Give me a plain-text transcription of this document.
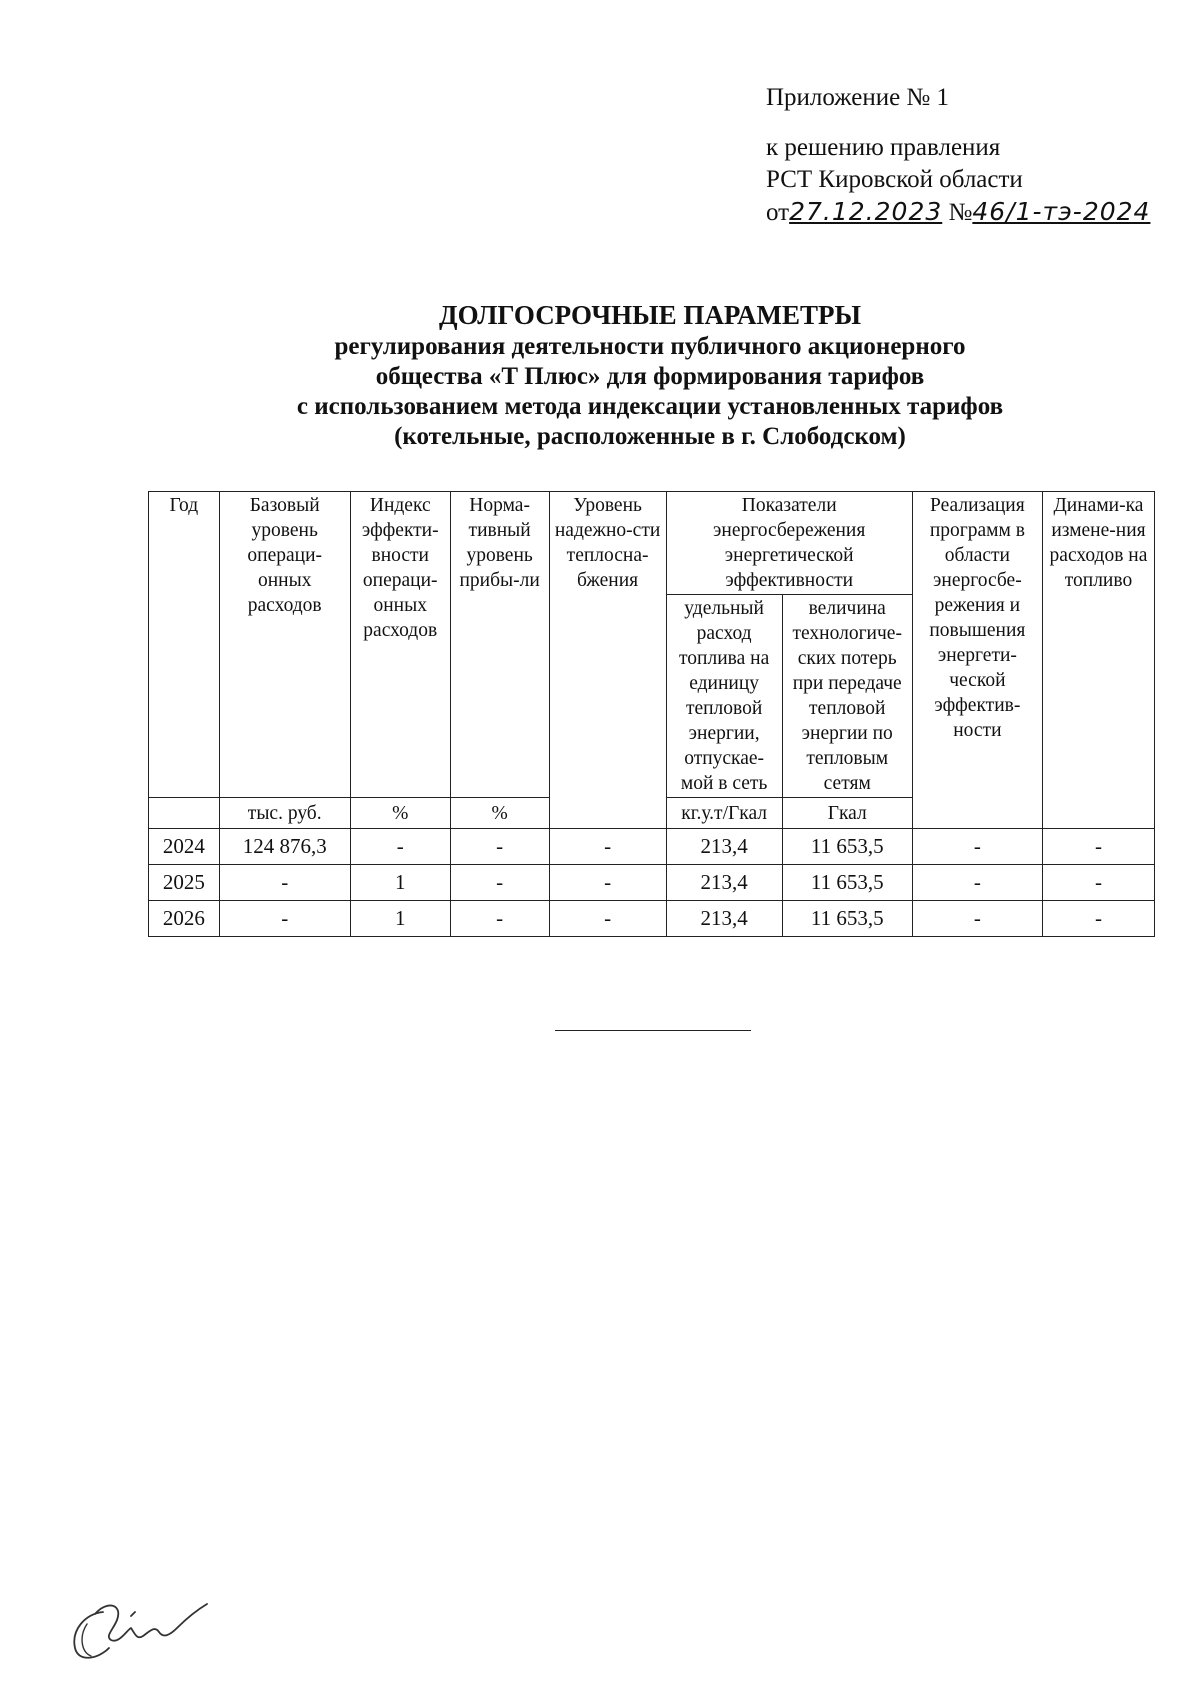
Приложение № 1
к решению правления
РСТ Кировской области
от27.12.2023 №46/1-тэ-2024
ДОЛГОСРОЧНЫЕ ПАРАМЕТРЫ
регулирования деятельности публичного акционерного
общества «Т Плюс» для формирования тарифов
с использованием метода индексации установленных тарифов
(котельные, расположенные в г. Слободском)
Год	Базовый уровень операци-онных расходов	Индекс эффекти-вности операци-онных расходов	Норма-тивный уровень прибы-ли	Уровень надежно-сти теплосна-бжения	Показатели энергосбережения энергетической эффективности		Реализация программ в области энергосбе-режения и повышения энергети-ческой эффектив-ности	Динами-ка измене-ния расходов на топливо
					удельный расход топлива на единицу тепловой энергии, отпускае-мой в сеть	величина технологиче-ских потерь при передаче тепловой энергии по тепловым сетям		
	тыс. руб.	%	%		кг.у.т/Гкал	Гкал		
2024	124 876,3	-	-	-	213,4	11 653,5	-	-
2025	-	1	-	-	213,4	11 653,5	-	-
2026	-	1	-	-	213,4	11 653,5	-	-
